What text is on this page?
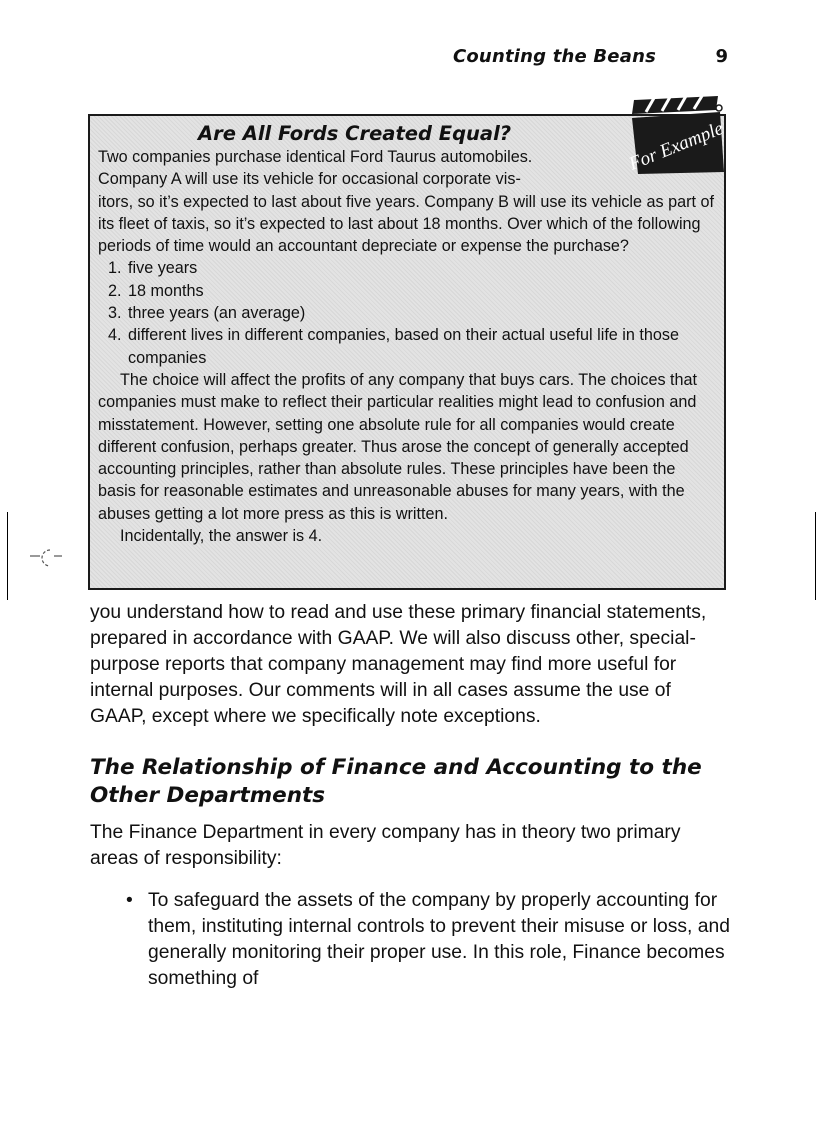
Counting the Beans	9
Are All Fords Created Equal?

Two companies purchase identical Ford Taurus automobiles.

Company A will use its vehicle for occasional corporate vis-

itors, so it’s expected to last about five years. Company B will use its vehicle as part of its fleet of taxis, so it’s expected to last about 18 months. Over which of the following periods of time would an accountant depreciate or expense the purchase?

1. five years
2. 18 months
3. three years (an average)
4. different lives in different companies, based on their actual useful life in those companies

The choice will affect the profits of any company that buys cars. The choices that companies must make to reflect their particular realities might lead to confusion and misstatement. However, setting one absolute rule for all companies would create different confusion, perhaps greater. Thus arose the concept of generally accepted accounting principles, rather than absolute rules. These principles have been the basis for reasonable estimates and unreasonable abuses for many years, with the abuses getting a lot more press as this is written.

Incidentally, the answer is 4.

For Example

you understand how to read and use these primary financial statements, prepared in accordance with GAAP. We will also discuss other, special-purpose reports that company management may find more useful for internal purposes. Our comments will in all cases assume the use of GAAP, except where we specifically note exceptions.

The Relationship of Finance and Accounting to the Other Departments

The Finance Department in every company has in theory two primary areas of responsibility:

• To safeguard the assets of the company by properly accounting for them, instituting internal controls to prevent their misuse or loss, and generally monitoring their proper use. In this role, Finance becomes something of
